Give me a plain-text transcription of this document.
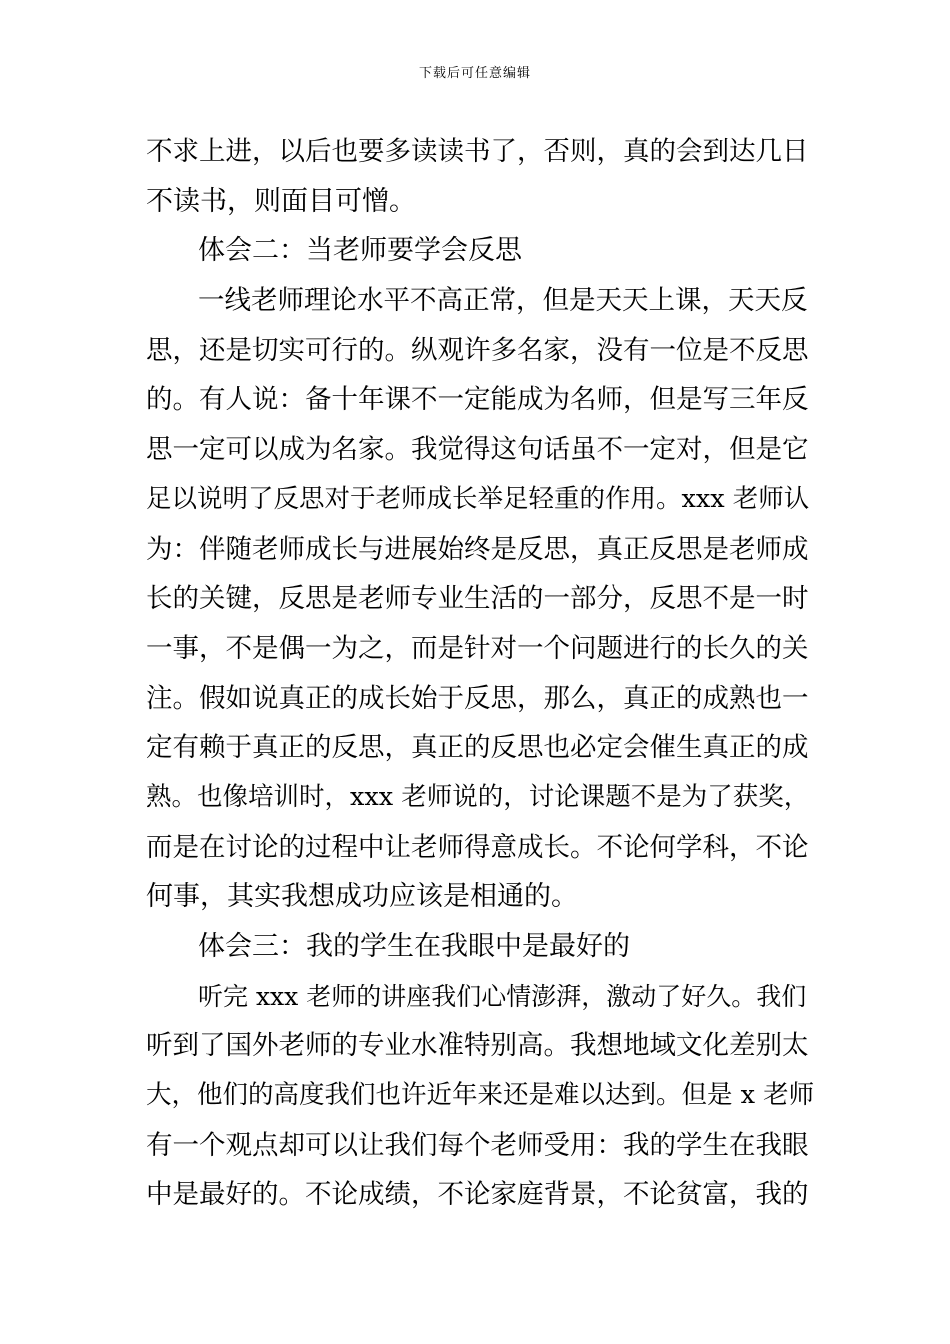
下载后可任意编辑
不求上进，以后也要多读读书了，否则，真的会到达几日
不读书，则面目可憎。
体会二：当老师要学会反思
一线老师理论水平不高正常，但是天天上课，天天反
思，还是切实可行的。纵观许多名家，没有一位是不反思
的。有人说：备十年课不一定能成为名师，但是写三年反
思一定可以成为名家。我觉得这句话虽不一定对，但是它
足以说明了反思对于老师成长举足轻重的作用。xxx 老师认
为：伴随老师成长与进展始终是反思，真正反思是老师成
长的关键，反思是老师专业生活的一部分，反思不是一时
一事，不是偶一为之，而是针对一个问题进行的长久的关
注。假如说真正的成长始于反思，那么，真正的成熟也一
定有赖于真正的反思，真正的反思也必定会催生真正的成
熟。也像培训时，xxx 老师说的，讨论课题不是为了获奖，
而是在讨论的过程中让老师得意成长。不论何学科，不论
何事，其实我想成功应该是相通的。
体会三：我的学生在我眼中是最好的
听完 xxx 老师的讲座我们心情澎湃，激动了好久。我们
听到了国外老师的专业水准特别高。我想地域文化差别太
大，他们的高度我们也许近年来还是难以达到。但是 x 老师
有一个观点却可以让我们每个老师受用：我的学生在我眼
中是最好的。不论成绩，不论家庭背景，不论贫富，我的
